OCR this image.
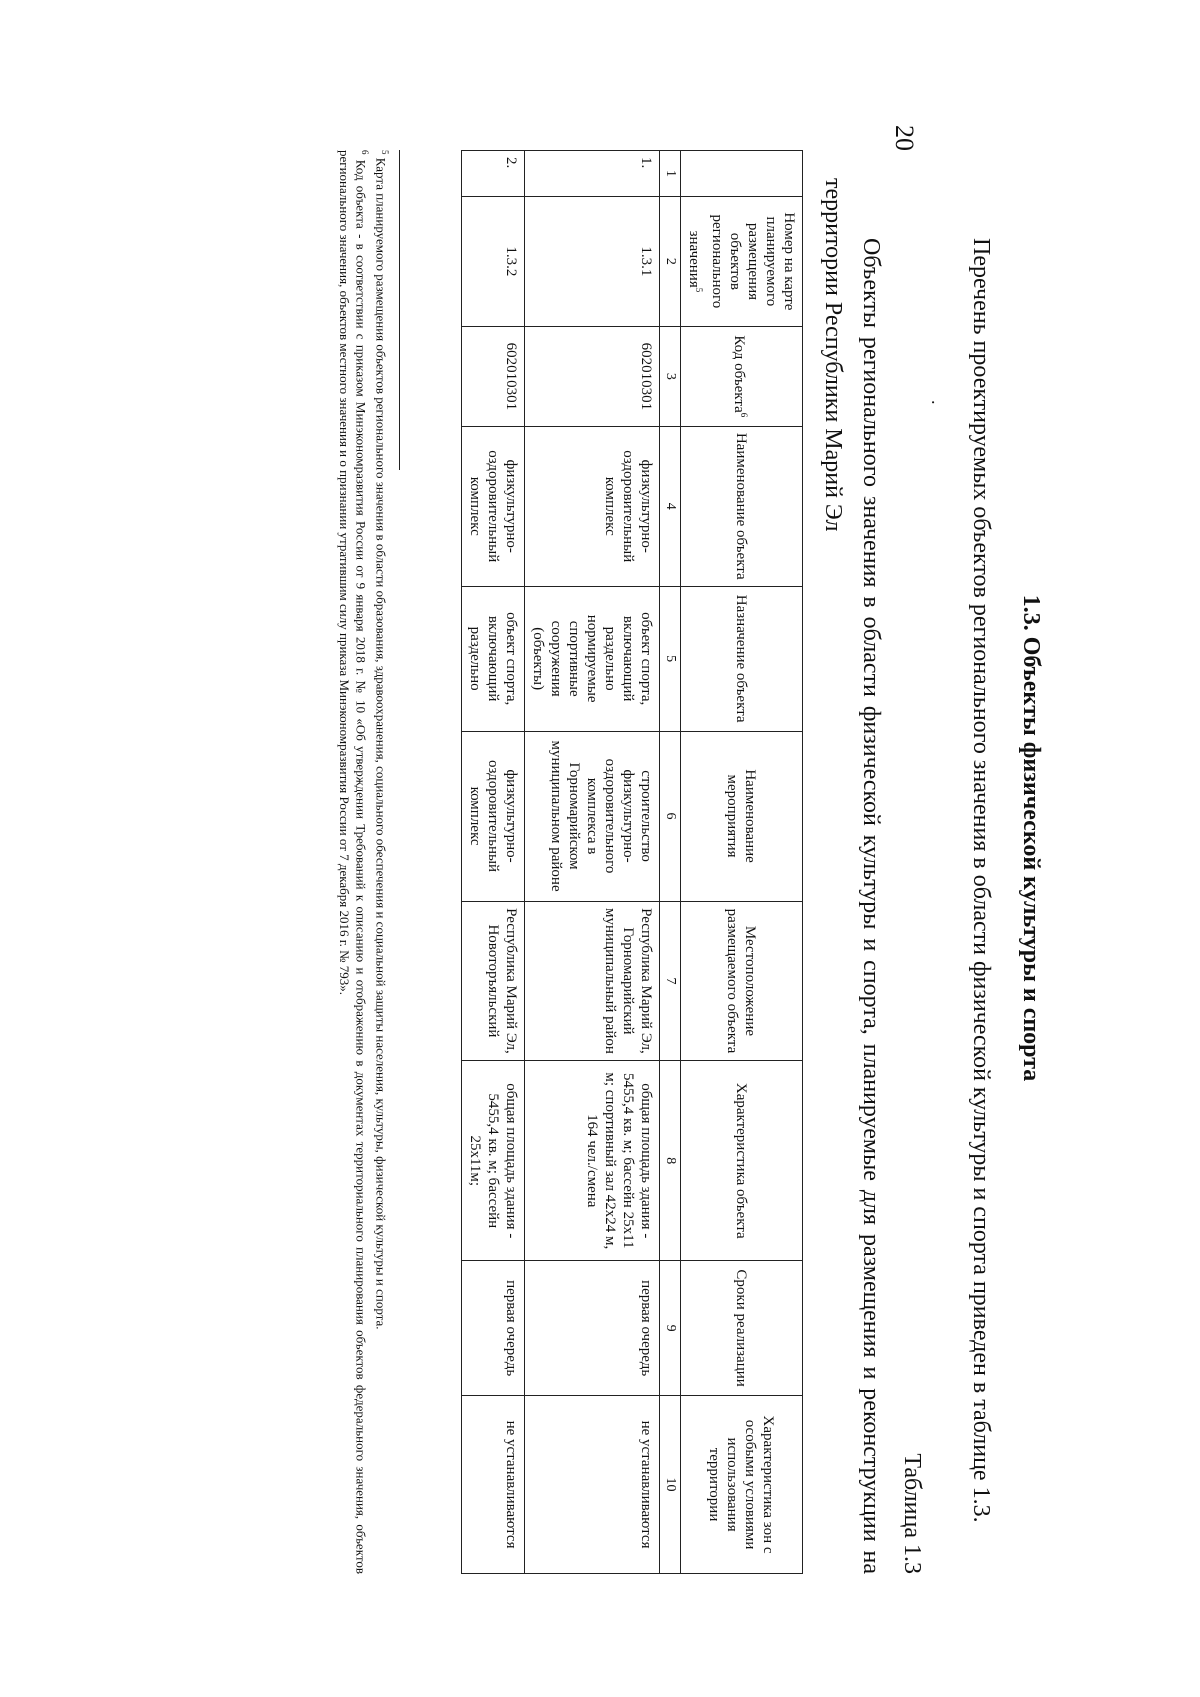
20
1.3. Объекты физической культуры и спорта
Перечень проектируемых объектов регионального значения в области физической культуры и спорта приведен в таблице 1.3.
.
Таблица 1.3
Объекты регионального значения в области физической культуры и спорта, планируемые для размещения и реконструкции на территории Республики Марий Эл
	Номер на карте планируемого размещения объектов регионального значения$^5$	Код объекта$^6$	Наименование объекта	Назначение объекта	Наименование мероприятия	Местоположение размещаемого объекта	Характеристика объекта	Сроки реализации	Характеристика зон с особыми условиями использования территории
1	2	3	4	5	6	7	8	9	10
1.	1.3.1	602010301	физкультурно-оздоровительный комплекс	объект спорта, включающий раздельно нормируемые спортивные сооружения (объекты)	строительство физкультурно-оздоровительного комплекса в Горномарийском муниципальном районе	Республика Марий Эл, Горномарийский муниципальный район	общая площадь здания - 5455,4 кв. м; бассейн 25х11 м; спортивный зал 42х24 м, 164 чел./смена	первая очередь	не устанавливаются
2.	1.3.2	602010301	физкультурно-оздоровительный комплекс	объект спорта, включающий раздельно	физкультурно-оздоровительный комплекс	Республика Марий Эл, Новоторъяльский	общая площадь здания - 5455,4 кв. м; бассейн 25х11м;	первая очередь	не устанавливаются
$^5$ Карта планируемого размещения объектов регионального значения в области образования, здравоохранения, социального обеспечения и социальной защиты населения, культуры, физической культуры и спорта.
$^6$ Код объекта - в соответствии с приказом Минэкономразвития России от 9 января 2018 г. № 10 «Об утверждении Требований к описанию и отображению в документах территориального планирования объектов федерального значения, объектов регионального значения, объектов местного значения и о признании утратившим силу приказа Минэкономразвития России от 7 декабря 2016 г. № 793».
